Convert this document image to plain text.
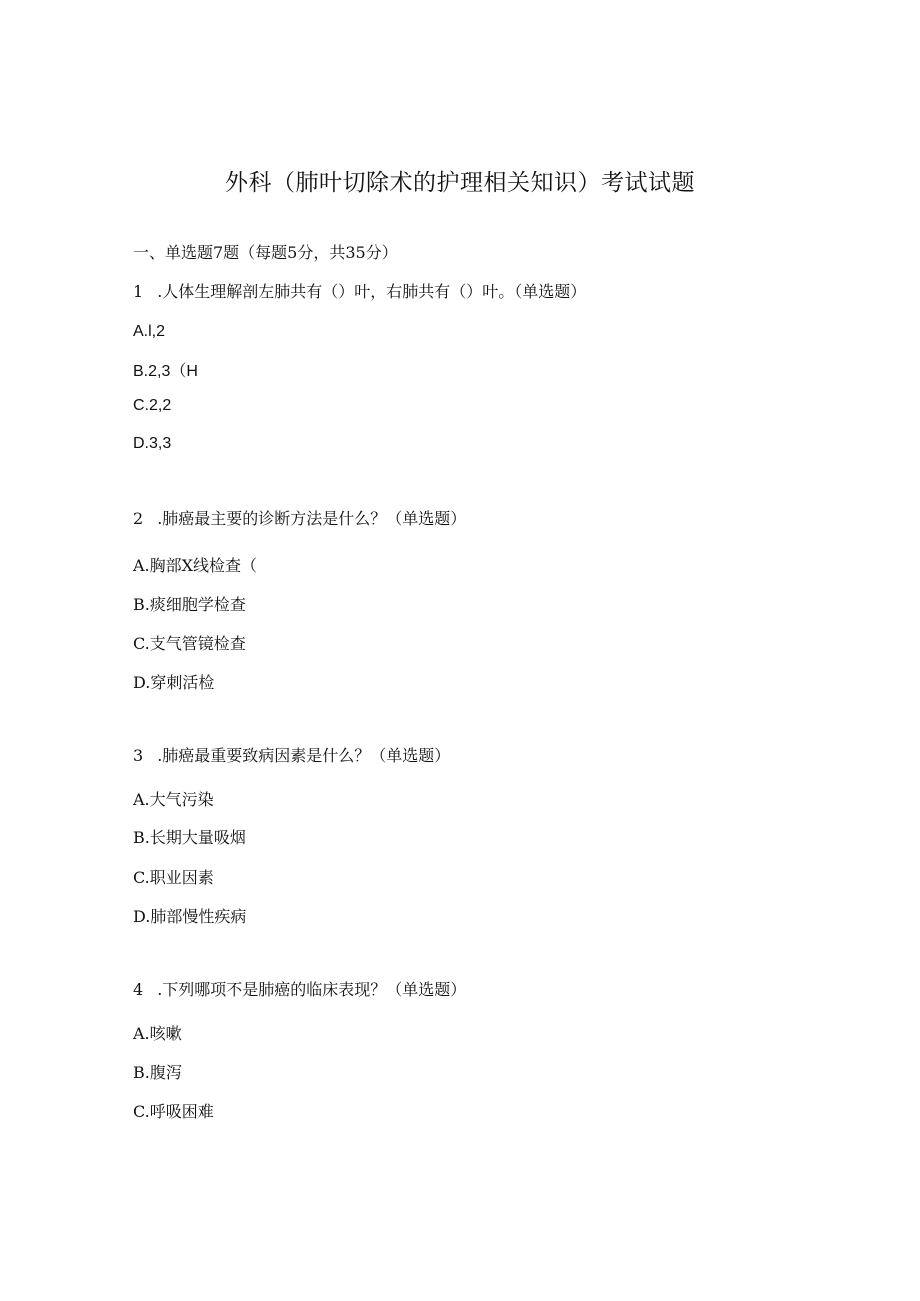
外科（肺叶切除术的护理相关知识）考试试题
一、单选题7题（每题5分，共35分）
1 .人体生理解剖左肺共有（）叶，右肺共有（）叶。（单选题）
A.l,2
B.2,3（H
C.2,2
D.3,3
2 .肺癌最主要的诊断方法是什么？（单选题）
A.胸部X线检查（
B.痰细胞学检查
C.支气管镜检查
D.穿刺活检
3 .肺癌最重要致病因素是什么？（单选题）
A.大气污染
B.长期大量吸烟
C.职业因素
D.肺部慢性疾病
4 .下列哪项不是肺癌的临床表现？（单选题）
A.咳嗽
B.腹泻
C.呼吸困难
